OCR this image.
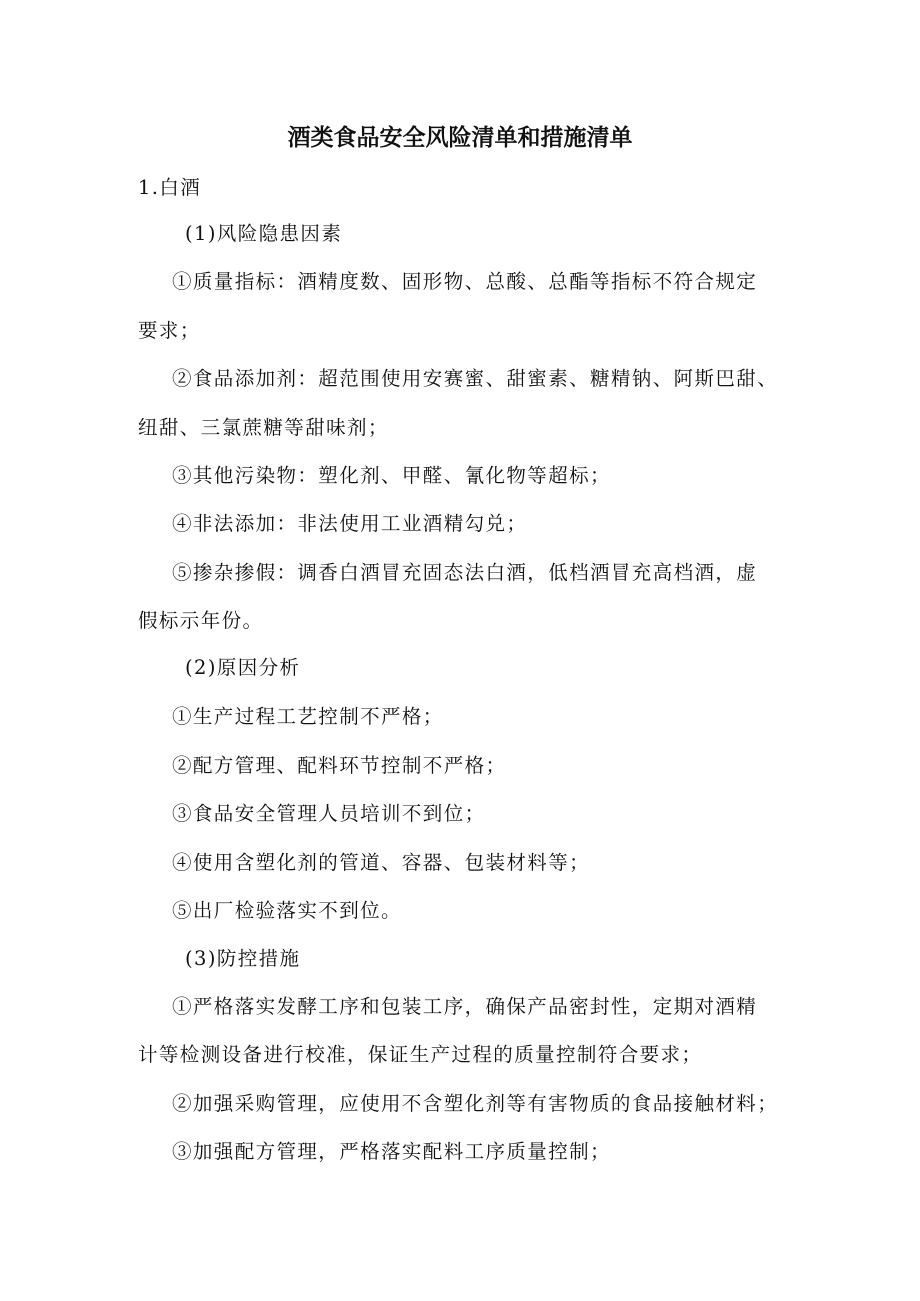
酒类食品安全风险清单和措施清单
1.白酒
(1)风险隐患因素
①质量指标：酒精度数、固形物、总酸、总酯等指标不符合规定
要求；
②食品添加剂：超范围使用安赛蜜、甜蜜素、糖精钠、阿斯巴甜、
纽甜、三氯蔗糖等甜味剂；
③其他污染物：塑化剂、甲醛、氰化物等超标；
④非法添加：非法使用工业酒精勾兑；
⑤掺杂掺假：调香白酒冒充固态法白酒，低档酒冒充高档酒，虚
假标示年份。
(2)原因分析
①生产过程工艺控制不严格；
②配方管理、配料环节控制不严格；
③食品安全管理人员培训不到位；
④使用含塑化剂的管道、容器、包装材料等；
⑤出厂检验落实不到位。
(3)防控措施
①严格落实发酵工序和包装工序，确保产品密封性，定期对酒精
计等检测设备进行校准，保证生产过程的质量控制符合要求；
②加强采购管理，应使用不含塑化剂等有害物质的食品接触材料；
③加强配方管理，严格落实配料工序质量控制；
